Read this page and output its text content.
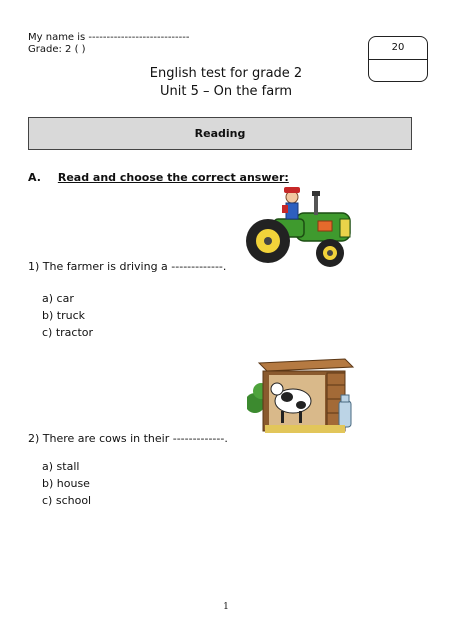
My name is ----------------------------
Grade: 2 ( )	20
English test for grade 2
Unit 5 – On the farm
Reading
A. Read and choose the correct answer:
1) The farmer is driving a -------------.
a) car
b) truck
c) tractor
2) There are cows in their -------------.
a) stall
b) house
c) school
1
